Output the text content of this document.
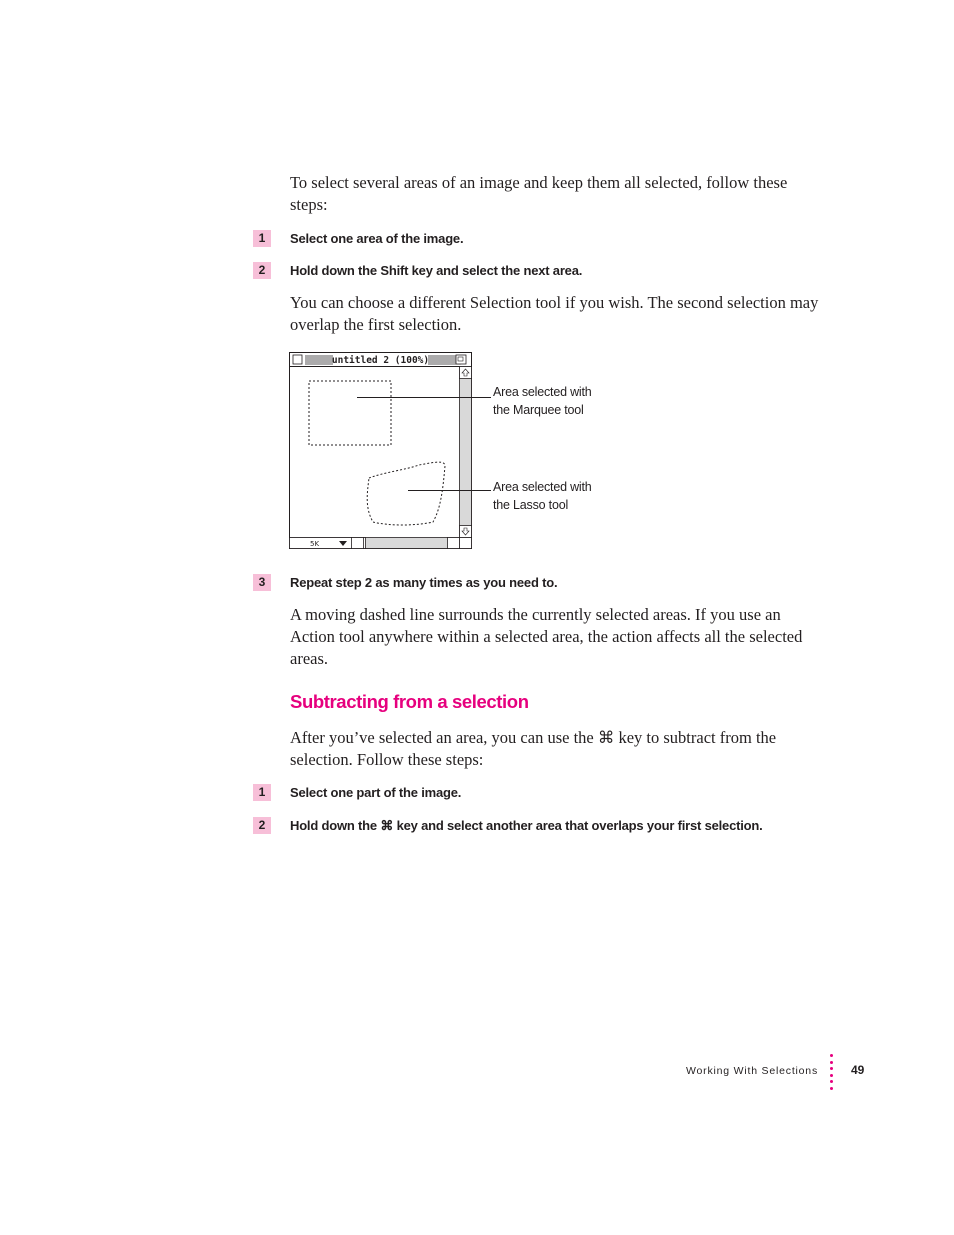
To select several areas of an image and keep them all selected, follow these steps:

1	Select one area of the image.
2	Hold down the Shift key and select the next area.

You can choose a different Selection tool if you wish. The second selection may overlap the first selection.

untitled 2 (100%)
5K
Area selected with
the Marquee tool
Area selected with
the Lasso tool
3	Repeat step 2 as many times as you need to.

A moving dashed line surrounds the currently selected areas. If you use an Action tool anywhere within a selected area, the action affects all the selected areas.

Subtracting from a selection

After you’ve selected an area, you can use the ⌘ key to subtract from the selection. Follow these steps:

1	Select one part of the image.
2	Hold down the ⌘ key and select another area that overlaps your first selection.
Working With Selections	49
